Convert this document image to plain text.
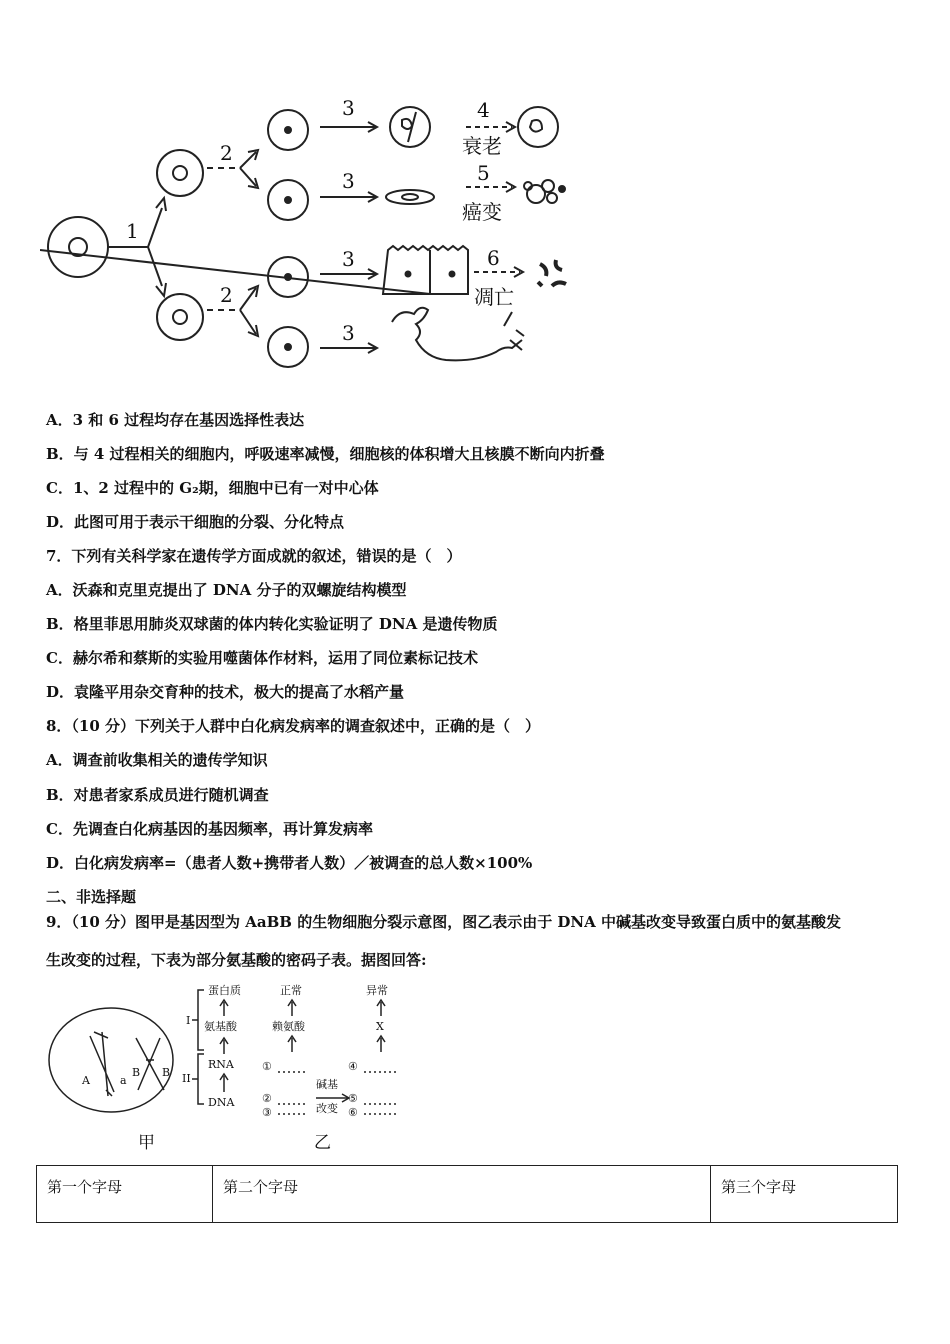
1
2
2
3
3
3
3
4
5
6
衰老
癌变
凋亡
A．3 和 6 过程均存在基因选择性表达
B．与 4 过程相关的细胞内，呼吸速率减慢，细胞核的体积增大且核膜不断向内折叠
C．1、2 过程中的 G₂期，细胞中已有一对中心体
D．此图可用于表示干细胞的分裂、分化特点
7．下列有关科学家在遗传学方面成就的叙述，错误的是（　）
A．沃森和克里克提出了 DNA 分子的双螺旋结构模型
B．格里菲思用肺炎双球菌的体内转化实验证明了 DNA 是遗传物质
C．赫尔希和蔡斯的实验用噬菌体作材料，运用了同位素标记技术
D．袁隆平用杂交育种的技术，极大的提高了水稻产量
8．（10 分）下列关于人群中白化病发病率的调查叙述中，正确的是（　）
A．调查前收集相关的遗传学知识
B．对患者家系成员进行随机调查
C．先调查白化病基因的基因频率，再计算发病率
D．白化病发病率=（患者人数+携带者人数）／被调查的总人数×100%
二、非选择题
9．（10 分）图甲是基因型为 AaBB 的生物细胞分裂示意图，图乙表示由于 DNA 中碱基改变导致蛋白质中的氨基酸发
生改变的过程，下表为部分氨基酸的密码子表。据图回答:
A	a
B B
I
II
蛋白质
氨基酸
RNA
DNA
正常
赖氨酸
异常
X
碱基
改变
①
②
③
④
⑤
⑥
甲	乙
第一个字母	第二个字母	第三个字母
